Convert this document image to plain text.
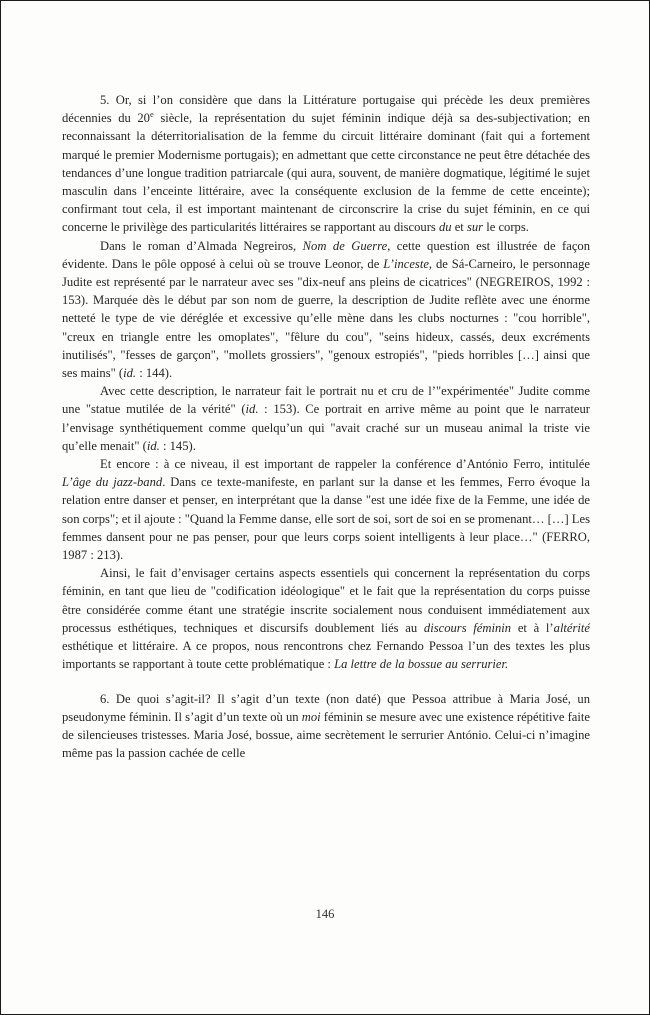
5. Or, si l’on considère que dans la Littérature portugaise qui précède les deux premières décennies du 20e siècle, la représentation du sujet féminin indique déjà sa des-subjectivation; en reconnaissant la déterritorialisation de la femme du circuit littéraire dominant (fait qui a fortement marqué le premier Modernisme portugais); en admettant que cette circonstance ne peut être détachée des tendances d’une longue tradition patriarcale (qui aura, souvent, de manière dogmatique, légitimé le sujet masculin dans l’enceinte littéraire, avec la conséquente exclusion de la femme de cette enceinte); confirmant tout cela, il est important maintenant de circonscrire la crise du sujet féminin, en ce qui concerne le privilège des particularités littéraires se rapportant au discours du et sur le corps.

Dans le roman d’Almada Negreiros, Nom de Guerre, cette question est illustrée de façon évidente. Dans le pôle opposé à celui où se trouve Leonor, de L’inceste, de Sá-Carneiro, le personnage Judite est représenté par le narrateur avec ses "dix-neuf ans pleins de cicatrices" (NEGREIROS, 1992 : 153). Marquée dès le début par son nom de guerre, la description de Judite reflète avec une énorme netteté le type de vie déréglée et excessive qu’elle mène dans les clubs nocturnes : "cou horrible", "creux en triangle entre les omoplates", "fêlure du cou", "seins hideux, cassés, deux excréments inutilisés", "fesses de garçon", "mollets grossiers", "genoux estropiés", "pieds horribles […] ainsi que ses mains" (id. : 144).

Avec cette description, le narrateur fait le portrait nu et cru de l’"expérimentée" Judite comme une "statue mutilée de la vérité" (id. : 153). Ce portrait en arrive même au point que le narrateur l’envisage synthétiquement comme quelqu’un qui "avait craché sur un museau animal la triste vie qu’elle menait" (id. : 145).

Et encore : à ce niveau, il est important de rappeler la conférence d’António Ferro, intitulée L’âge du jazz-band. Dans ce texte-manifeste, en parlant sur la danse et les femmes, Ferro évoque la relation entre danser et penser, en interprétant que la danse "est une idée fixe de la Femme, une idée de son corps"; et il ajoute : "Quand la Femme danse, elle sort de soi, sort de soi en se promenant… […] Les femmes dansent pour ne pas penser, pour que leurs corps soient intelligents à leur place…" (FERRO, 1987 : 213).

Ainsi, le fait d’envisager certains aspects essentiels qui concernent la représentation du corps féminin, en tant que lieu de "codification idéologique" et le fait que la représentation du corps puisse être considérée comme étant une stratégie inscrite socialement nous conduisent immédiatement aux processus esthétiques, techniques et discursifs doublement liés au discours féminin et à l’altérité esthétique et littéraire. A ce propos, nous rencontrons chez Fernando Pessoa l’un des textes les plus importants se rapportant à toute cette problématique : La lettre de la bossue au serrurier.

6. De quoi s’agit-il? Il s’agit d’un texte (non daté) que Pessoa attribue à Maria José, un pseudonyme féminin. Il s’agit d’un texte où un moi féminin se mesure avec une existence répétitive faite de silencieuses tristesses. Maria José, bossue, aime secrètement le serrurier António. Celui-ci n’imagine même pas la passion cachée de celle

146
